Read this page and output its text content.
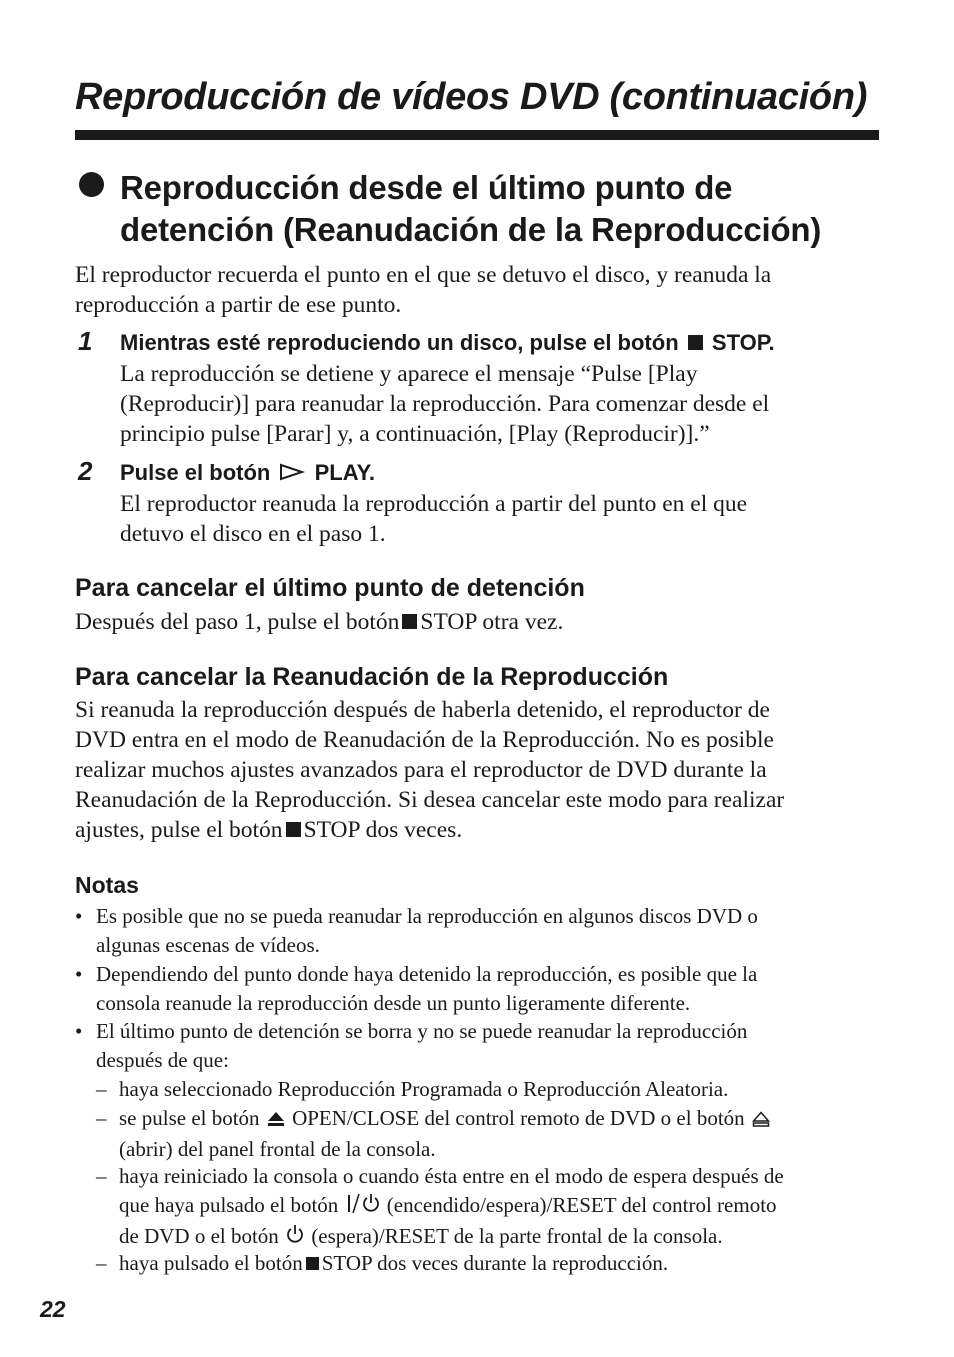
Reproducción de vídeos DVD (continuación)
Reproducción desde el último punto de
detención (Reanudación de la Reproducción)
El reproductor recuerda el punto en el que se detuvo el disco, y reanuda la
reproducción a partir de ese punto.
1 Mientras esté reproduciendo un disco, pulse el botón STOP.
La reproducción se detiene y aparece el mensaje “Pulse [Play
(Reproducir)] para reanudar la reproducción. Para comenzar desde el
principio pulse [Parar] y, a continuación, [Play (Reproducir)].”
2 Pulse el botón PLAY.
El reproductor reanuda la reproducción a partir del punto en el que
detuvo el disco en el paso 1.
Para cancelar el último punto de detención
Después del paso 1, pulse el botón STOP otra vez.
Para cancelar la Reanudación de la Reproducción
Si reanuda la reproducción después de haberla detenido, el reproductor de
DVD entra en el modo de Reanudación de la Reproducción. No es posible
realizar muchos ajustes avanzados para el reproductor de DVD durante la
Reanudación de la Reproducción. Si desea cancelar este modo para realizar
ajustes, pulse el botón STOP dos veces.
Notas
• Es posible que no se pueda reanudar la reproducción en algunos discos DVD o
algunas escenas de vídeos.
• Dependiendo del punto donde haya detenido la reproducción, es posible que la
consola reanude la reproducción desde un punto ligeramente diferente.
• El último punto de detención se borra y no se puede reanudar la reproducción
después de que:
– haya seleccionado Reproducción Programada o Reproducción Aleatoria.
– se pulse el botón OPEN/CLOSE del control remoto de DVD o el botón
(abrir) del panel frontal de la consola.
– haya reiniciado la consola o cuando ésta entre en el modo de espera después de
que haya pulsado el botón (encendido/espera)/RESET del control remoto
de DVD o el botón (espera)/RESET de la parte frontal de la consola.
– haya pulsado el botón STOP dos veces durante la reproducción.
22
